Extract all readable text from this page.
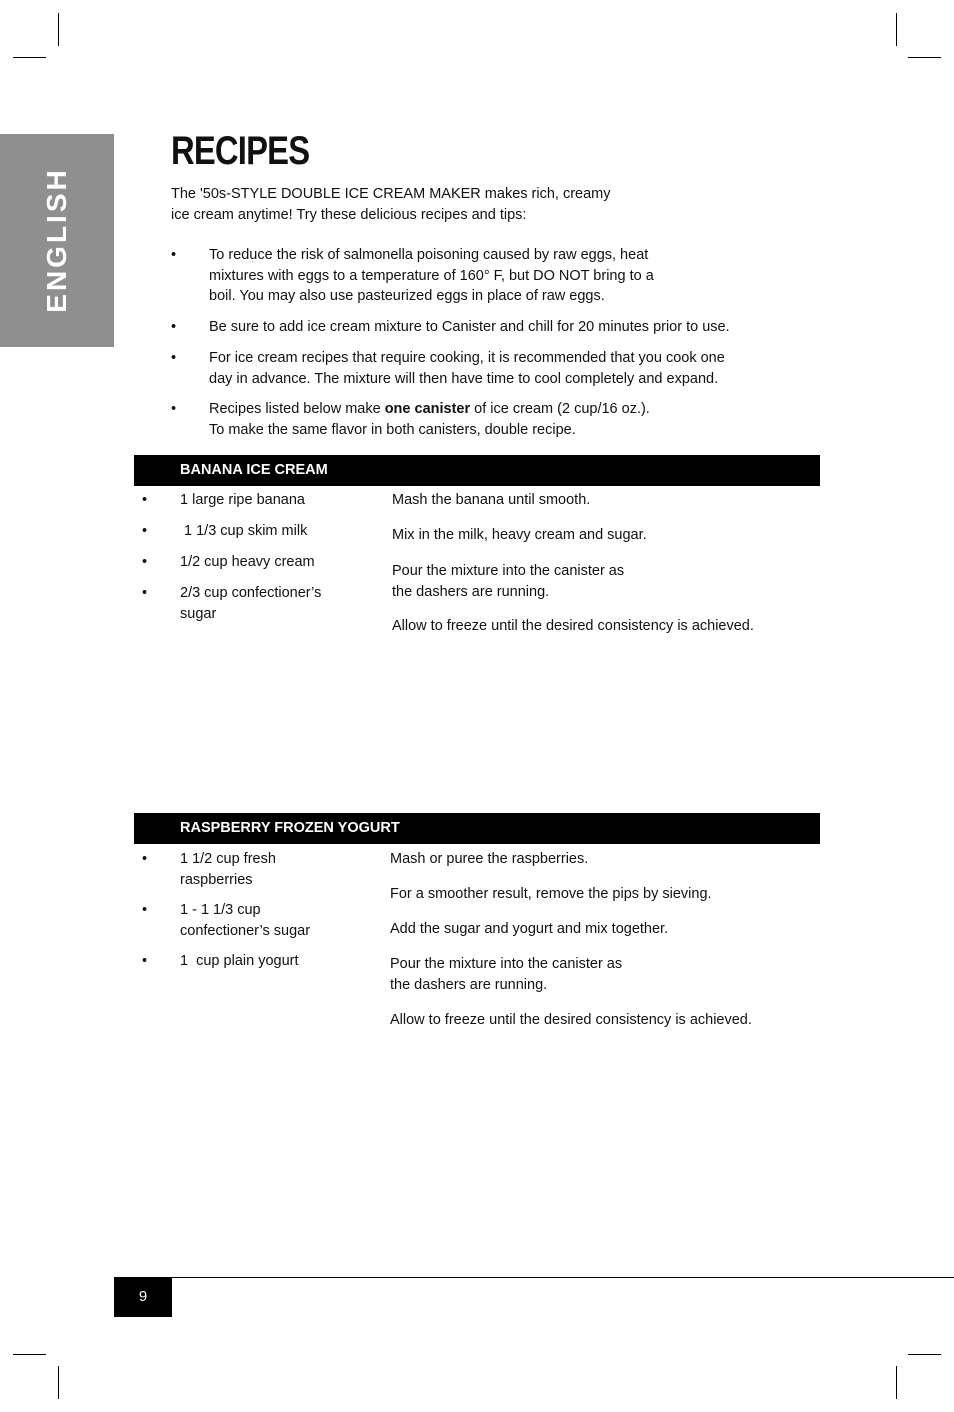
ENGLISH
RECIPES

The '50s-STYLE DOUBLE ICE CREAM MAKER makes rich, creamy ice cream anytime! Try these delicious recipes and tips:

• To reduce the risk of salmonella poisoning caused by raw eggs, heat
mixtures with eggs to a temperature of 160° F, but DO NOT bring to a
boil. You may also use pasteurized eggs in place of raw eggs.
• Be sure to add ice cream mixture to Canister and chill for 20 minutes prior to use.
• For ice cream recipes that require cooking, it is recommended that you cook one
day in advance. The mixture will then have time to cool completely and expand.
• Recipes listed below make one canister of ice cream (2 cup/16 oz.).
To make the same flavor in both canisters, double recipe.
BANANA ICE CREAM
• 1 large ripe banana
• 1 1/3 cup skim milk
• 1/2 cup heavy cream
• 2/3 cup confectioner’s
sugar

Mash the banana until smooth.

Mix in the milk, heavy cream and sugar.

Pour the mixture into the canister as
the dashers are running.

Allow to freeze until the desired consistency is achieved.

RASPBERRY FROZEN YOGURT
• 1 1/2 cup fresh
raspberries
• 1 - 1 1/3 cup
confectioner’s sugar
• 1  cup plain yogurt

Mash or puree the raspberries.

For a smoother result, remove the pips by sieving.

Add the sugar and yogurt and mix together.

Pour the mixture into the canister as
the dashers are running.

Allow to freeze until the desired consistency is achieved.

9
